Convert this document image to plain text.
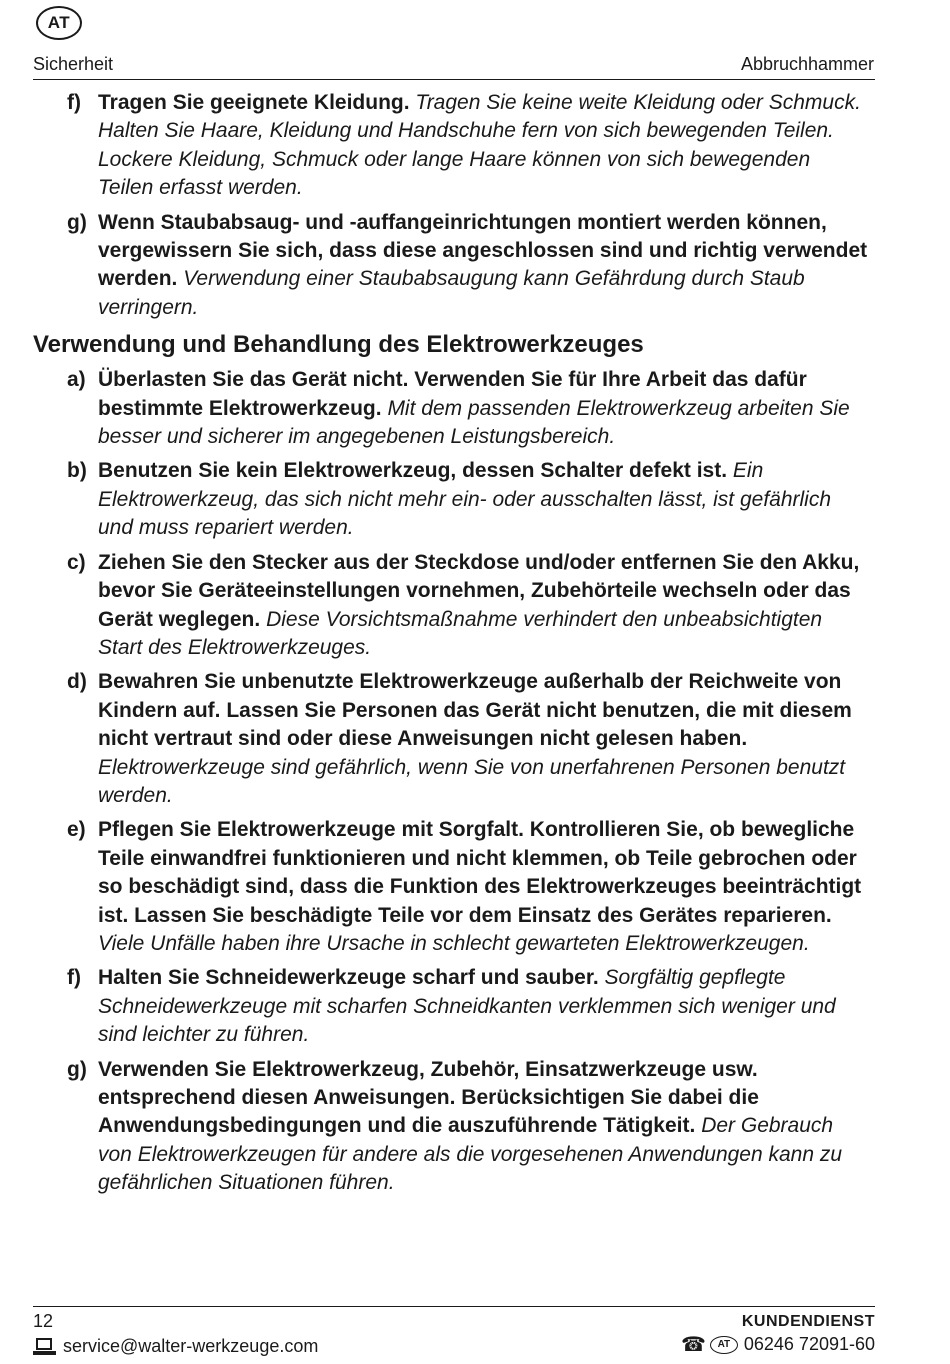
AT
Sicherheit	Abbruchhammer
f) Tragen Sie geeignete Kleidung. Tragen Sie keine weite Kleidung oder Schmuck. Halten Sie Haare, Kleidung und Handschuhe fern von sich bewegenden Teilen. Lockere Kleidung, Schmuck oder lange Haare können von sich bewegenden Teilen erfasst werden.
g) Wenn Staubabsaug- und -auffangeinrichtungen montiert werden können, vergewissern Sie sich, dass diese angeschlossen sind und richtig verwendet werden. Verwendung einer Staubabsaugung kann Gefährdung durch Staub verringern.
Verwendung und Behandlung des Elektrowerkzeuges
a) Überlasten Sie das Gerät nicht. Verwenden Sie für Ihre Arbeit das dafür bestimmte Elektrowerkzeug. Mit dem passenden Elektrowerkzeug arbeiten Sie besser und sicherer im angegebenen Leistungsbereich.
b) Benutzen Sie kein Elektrowerkzeug, dessen Schalter defekt ist. Ein Elektrowerkzeug, das sich nicht mehr ein- oder ausschalten lässt, ist gefährlich und muss repariert werden.
c) Ziehen Sie den Stecker aus der Steckdose und/oder entfernen Sie den Akku, bevor Sie Geräteeinstellungen vornehmen, Zubehörteile wechseln oder das Gerät weglegen. Diese Vorsichtsmaßnahme verhindert den unbeabsichtigten Start des Elektrowerkzeuges.
d) Bewahren Sie unbenutzte Elektrowerkzeuge außerhalb der Reichweite von Kindern auf. Lassen Sie Personen das Gerät nicht benutzen, die mit diesem nicht vertraut sind oder diese Anweisungen nicht gelesen haben. Elektrowerkzeuge sind gefährlich, wenn Sie von unerfahrenen Personen benutzt werden.
e) Pflegen Sie Elektrowerkzeuge mit Sorgfalt. Kontrollieren Sie, ob bewegliche Teile einwandfrei funktionieren und nicht klemmen, ob Teile gebrochen oder so beschädigt sind, dass die Funktion des Elektrowerkzeuges beeinträchtigt ist. Lassen Sie beschädigte Teile vor dem Einsatz des Gerätes reparieren. Viele Unfälle haben ihre Ursache in schlecht gewarteten Elektrowerkzeugen.
f) Halten Sie Schneidewerkzeuge scharf und sauber. Sorgfältig gepflegte Schneidewerkzeuge mit scharfen Schneidkanten verklemmen sich weniger und sind leichter zu führen.
g) Verwenden Sie Elektrowerkzeug, Zubehör, Einsatzwerkzeuge usw. entsprechend diesen Anweisungen. Berücksichtigen Sie dabei die Anwendungsbedingungen und die auszuführende Tätigkeit. Der Gebrauch von Elektrowerkzeugen für andere als die vorgesehenen Anwendungen kann zu gefährlichen Situationen führen.
12
service@walter-werkzeuge.com
KUNDENDIENST
☎	AT 06246 72091-60
